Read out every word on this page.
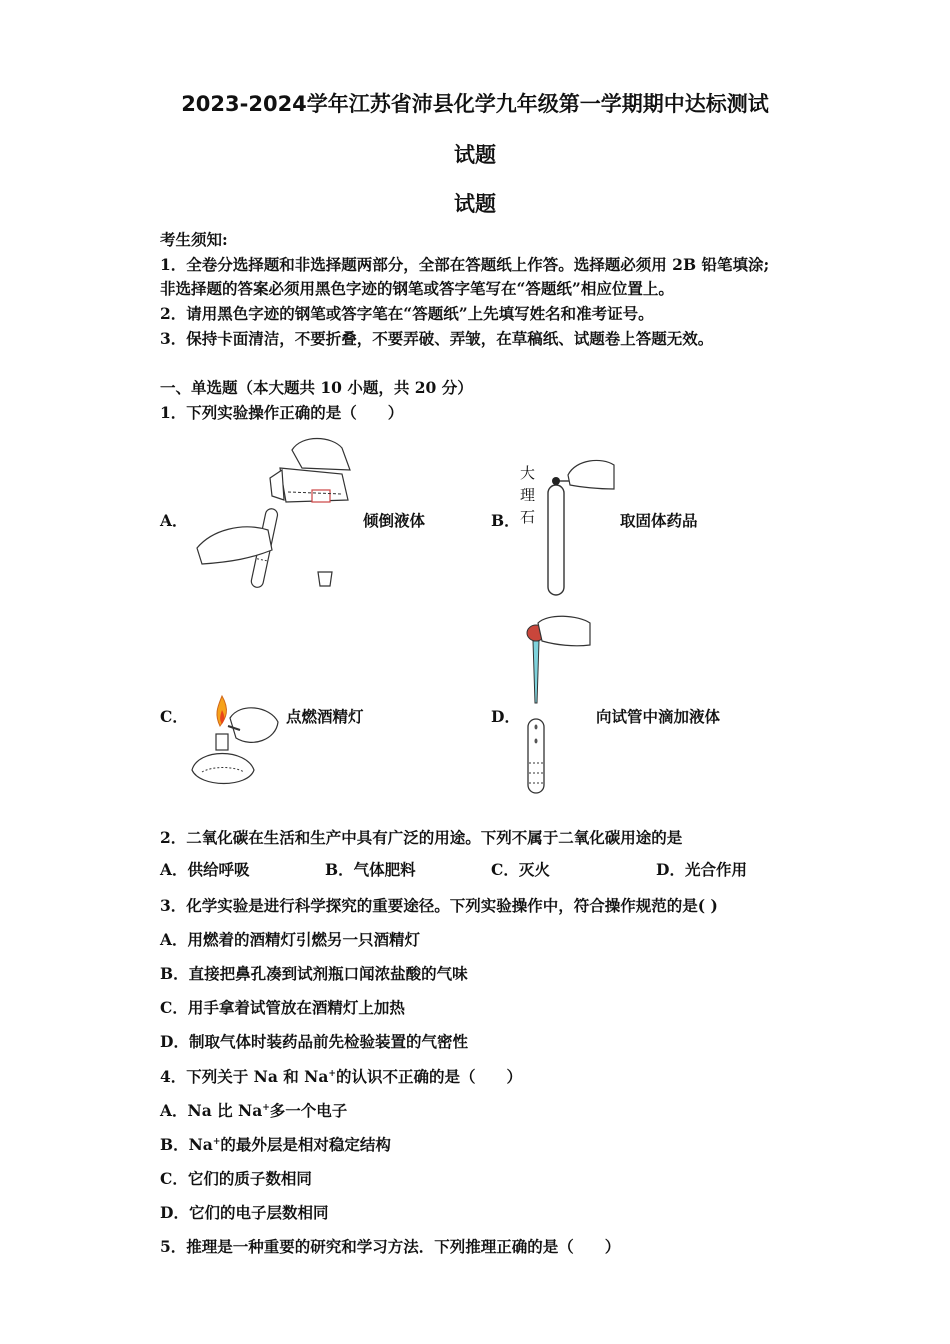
2023-2024学年江苏省沛县化学九年级第一学期期中达标测试
试题
试题
考生须知:
1．全卷分选择题和非选择题两部分，全部在答题纸上作答。选择题必须用 2B 铅笔填涂;
非选择题的答案必须用黑色字迹的钢笔或答字笔写在“答题纸”相应位置上。
2．请用黑色字迹的钢笔或答字笔在“答题纸”上先填写姓名和准考证号。
3．保持卡面清洁，不要折叠，不要弄破、弄皱，在草稿纸、试题卷上答题无效。
一、单选题（本大题共 10 小题，共 20 分）
1．下列实验操作正确的是（　　）
A．	倾倒液体	B．
大
理
石	取固体药品
C．	点燃酒精灯	D．	向试管中滴加液体
2．二氧化碳在生活和生产中具有广泛的用途。下列不属于二氧化碳用途的是
A．供给呼吸	B．气体肥料	C．灭火	D．光合作用
3．化学实验是进行科学探究的重要途径。下列实验操作中，符合操作规范的是( )
A．用燃着的酒精灯引燃另一只酒精灯
B．直接把鼻孔凑到试剂瓶口闻浓盐酸的气味
C．用手拿着试管放在酒精灯上加热
D．制取气体时装药品前先检验装置的气密性
4．下列关于 Na 和 Na+的认识不正确的是（　　）
A．Na 比 Na+多一个电子
B．Na+的最外层是相对稳定结构
C．它们的质子数相同
D．它们的电子层数相同
5．推理是一种重要的研究和学习方法．下列推理正确的是（　　）
